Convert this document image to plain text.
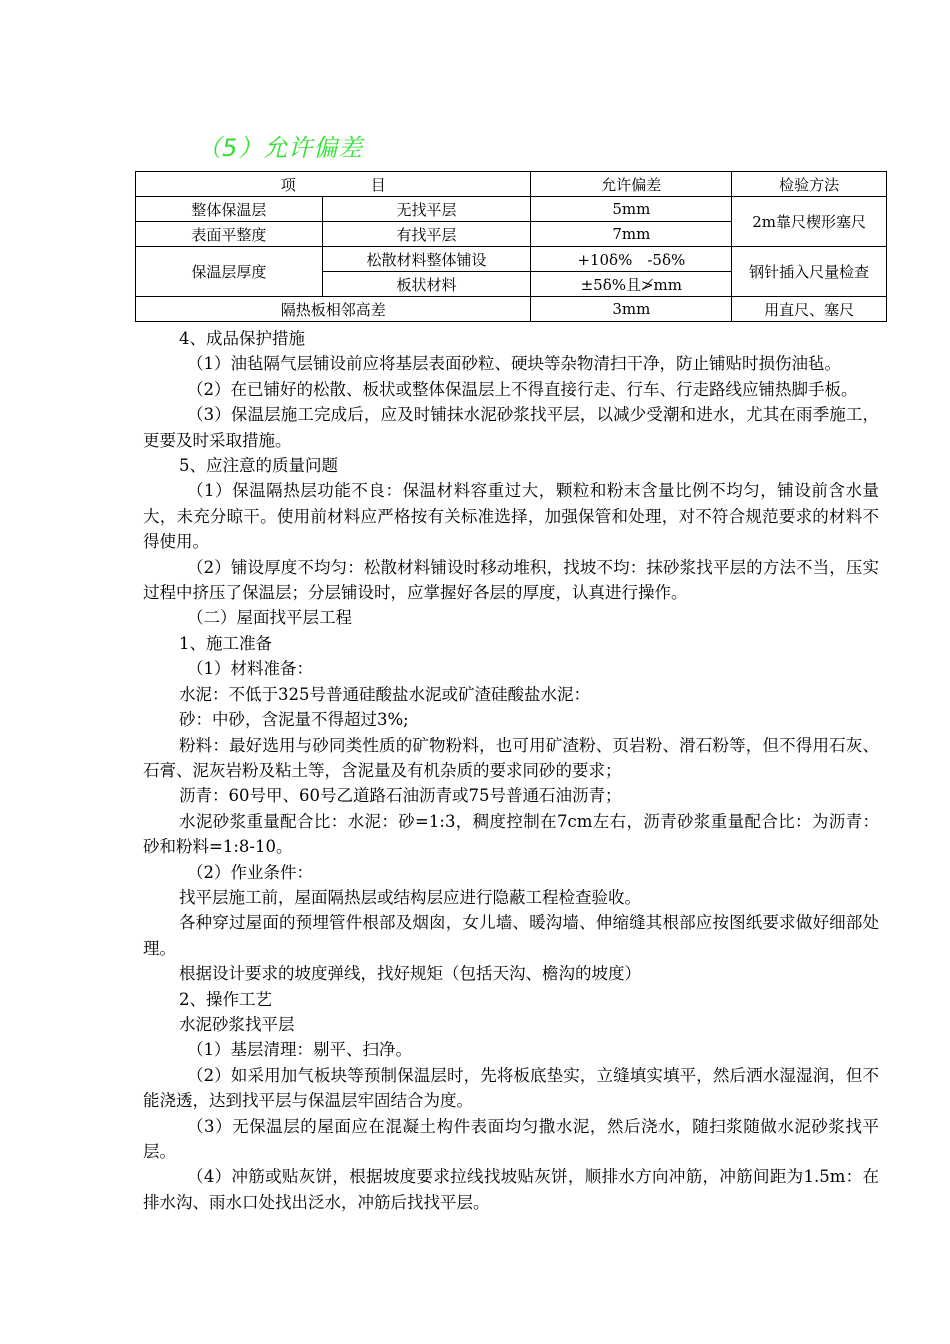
（5）允许偏差
项　　　　　目		允许偏差	检验方法
整体保温层	无找平层	5mm	2m靠尺楔形塞尺
表面平整度	有找平层	7mm	
保温层厚度	松散材料整体铺设	+10δ%　-5δ%	钢针插入尺量检查
	板状材料	±5δ%且≯mm	
隔热板相邻高差		3mm	用直尺、塞尺

4、成品保护措施

（1）油毡隔气层铺设前应将基层表面砂粒、硬块等杂物清扫干净，防止铺贴时损伤油毡。

（2）在已铺好的松散、板状或整体保温层上不得直接行走、行车、行走路线应铺热脚手板。

（3）保温层施工完成后，应及时铺抹水泥砂浆找平层，以减少受潮和进水，尤其在雨季施工，更要及时采取措施。

5、应注意的质量问题

（1）保温隔热层功能不良：保温材料容重过大，颗粒和粉末含量比例不均匀，铺设前含水量大，未充分晾干。使用前材料应严格按有关标准选择，加强保管和处理，对不符合规范要求的材料不得使用。

（2）铺设厚度不均匀：松散材料铺设时移动堆积，找坡不均：抹砂浆找平层的方法不当，压实过程中挤压了保温层；分层铺设时，应掌握好各层的厚度，认真进行操作。

（二）屋面找平层工程

1、施工准备

（1）材料准备：

水泥：不低于325号普通硅酸盐水泥或矿渣硅酸盐水泥：

砂：中砂，含泥量不得超过3%;

粉料：最好选用与砂同类性质的矿物粉料，也可用矿渣粉、页岩粉、滑石粉等，但不得用石灰、石膏、泥灰岩粉及粘土等，含泥量及有机杂质的要求同砂的要求；

沥青：60号甲、60号乙道路石油沥青或75号普通石油沥青；

水泥砂浆重量配合比：水泥：砂=1:3，稠度控制在7cm左右，沥青砂浆重量配合比：为沥青：砂和粉料=1:8-10。

（2）作业条件：

找平层施工前，屋面隔热层或结构层应进行隐蔽工程检查验收。

各种穿过屋面的预埋管件根部及烟囱，女儿墙、暖沟墙、伸缩缝其根部应按图纸要求做好细部处理。

根据设计要求的坡度弹线，找好规矩（包括天沟、檐沟的坡度）

2、操作工艺

水泥砂浆找平层

（1）基层清理：剔平、扫净。

（2）如采用加气板块等预制保温层时，先将板底垫实，立缝填实填平，然后洒水湿湿润，但不能浇透，达到找平层与保温层牢固结合为度。

（3）无保温层的屋面应在混凝土构件表面均匀撒水泥，然后浇水，随扫浆随做水泥砂浆找平层。

（4）冲筋或贴灰饼，根据坡度要求拉线找坡贴灰饼，顺排水方向冲筋，冲筋间距为1.5m：在排水沟、雨水口处找出泛水，冲筋后找找平层。
